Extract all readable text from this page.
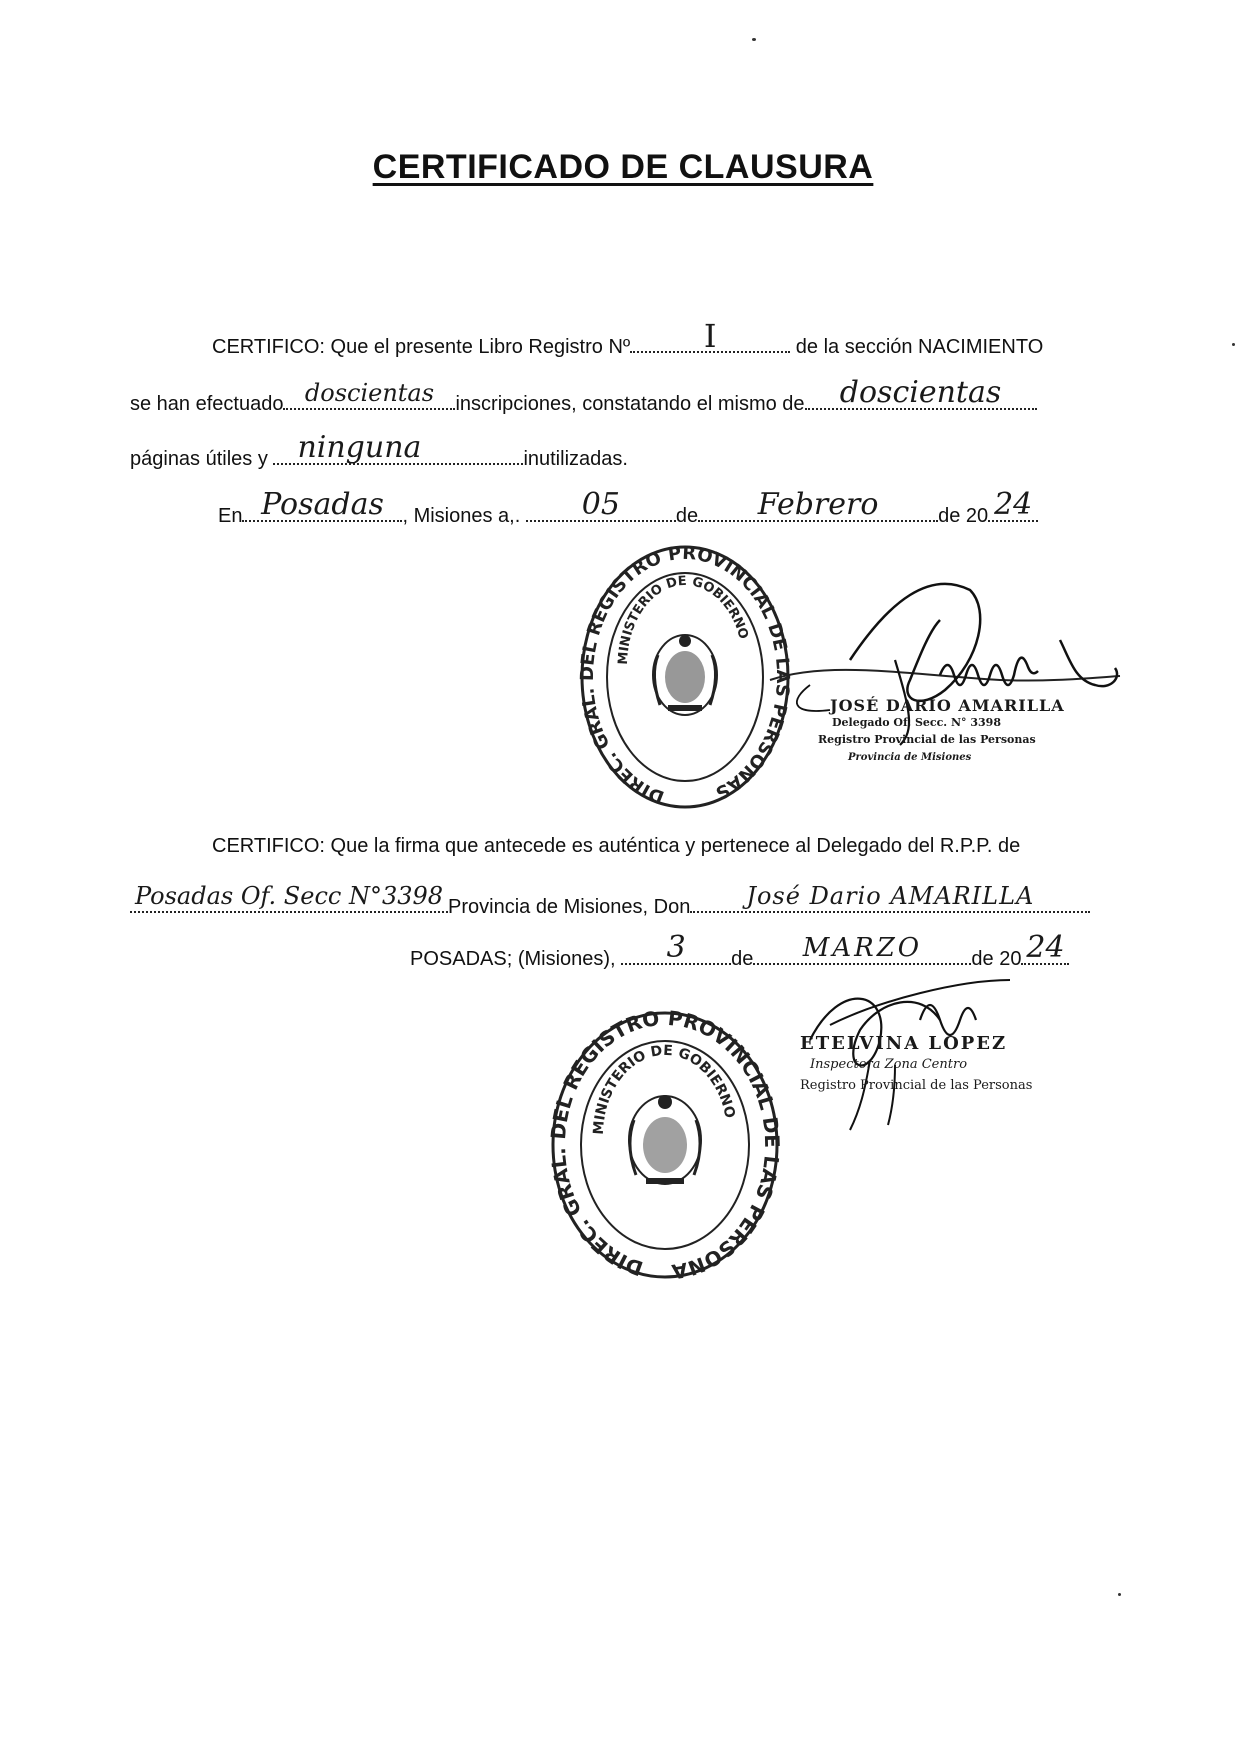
CERTIFICADO DE CLAUSURA
CERTIFICO: Que el presente Libro Registro Nº	I	de la sección NACIMIENTO
se han efectuado doscientas	inscripciones, constatando el mismo de	doscientas
páginas útiles y ninguna	inutilizadas.
En Posadas , Misiones a,.	05	de	Febrero	de 20 24
DIREC. GRAL. DEL REGISTRO PROVINCIAL DE LAS PERSONAS
MINISTERIO DE GOBIERNO
JOSÉ DARIO AMARILLA
Delegado Of. Secc. N° 3398
Registro Provincial de las Personas
Provincia de Misiones
CERTIFICO: Que la firma que antecede es auténtica y pertenece al Delegado del R.P.P. de
Posadas Of. Secc N°3398 Provincia de Misiones, Don	José Dario AMARILLA
POSADAS; (Misiones),	3	de	MARZO	de 20 24
DIREC. GRAL. DEL REGISTRO PROVINCIAL DE LAS PERSONAS
MINISTERIO DE GOBIERNO
ETELVINA LOPEZ
Inspectora Zona Centro
Registro Provincial de las Personas
